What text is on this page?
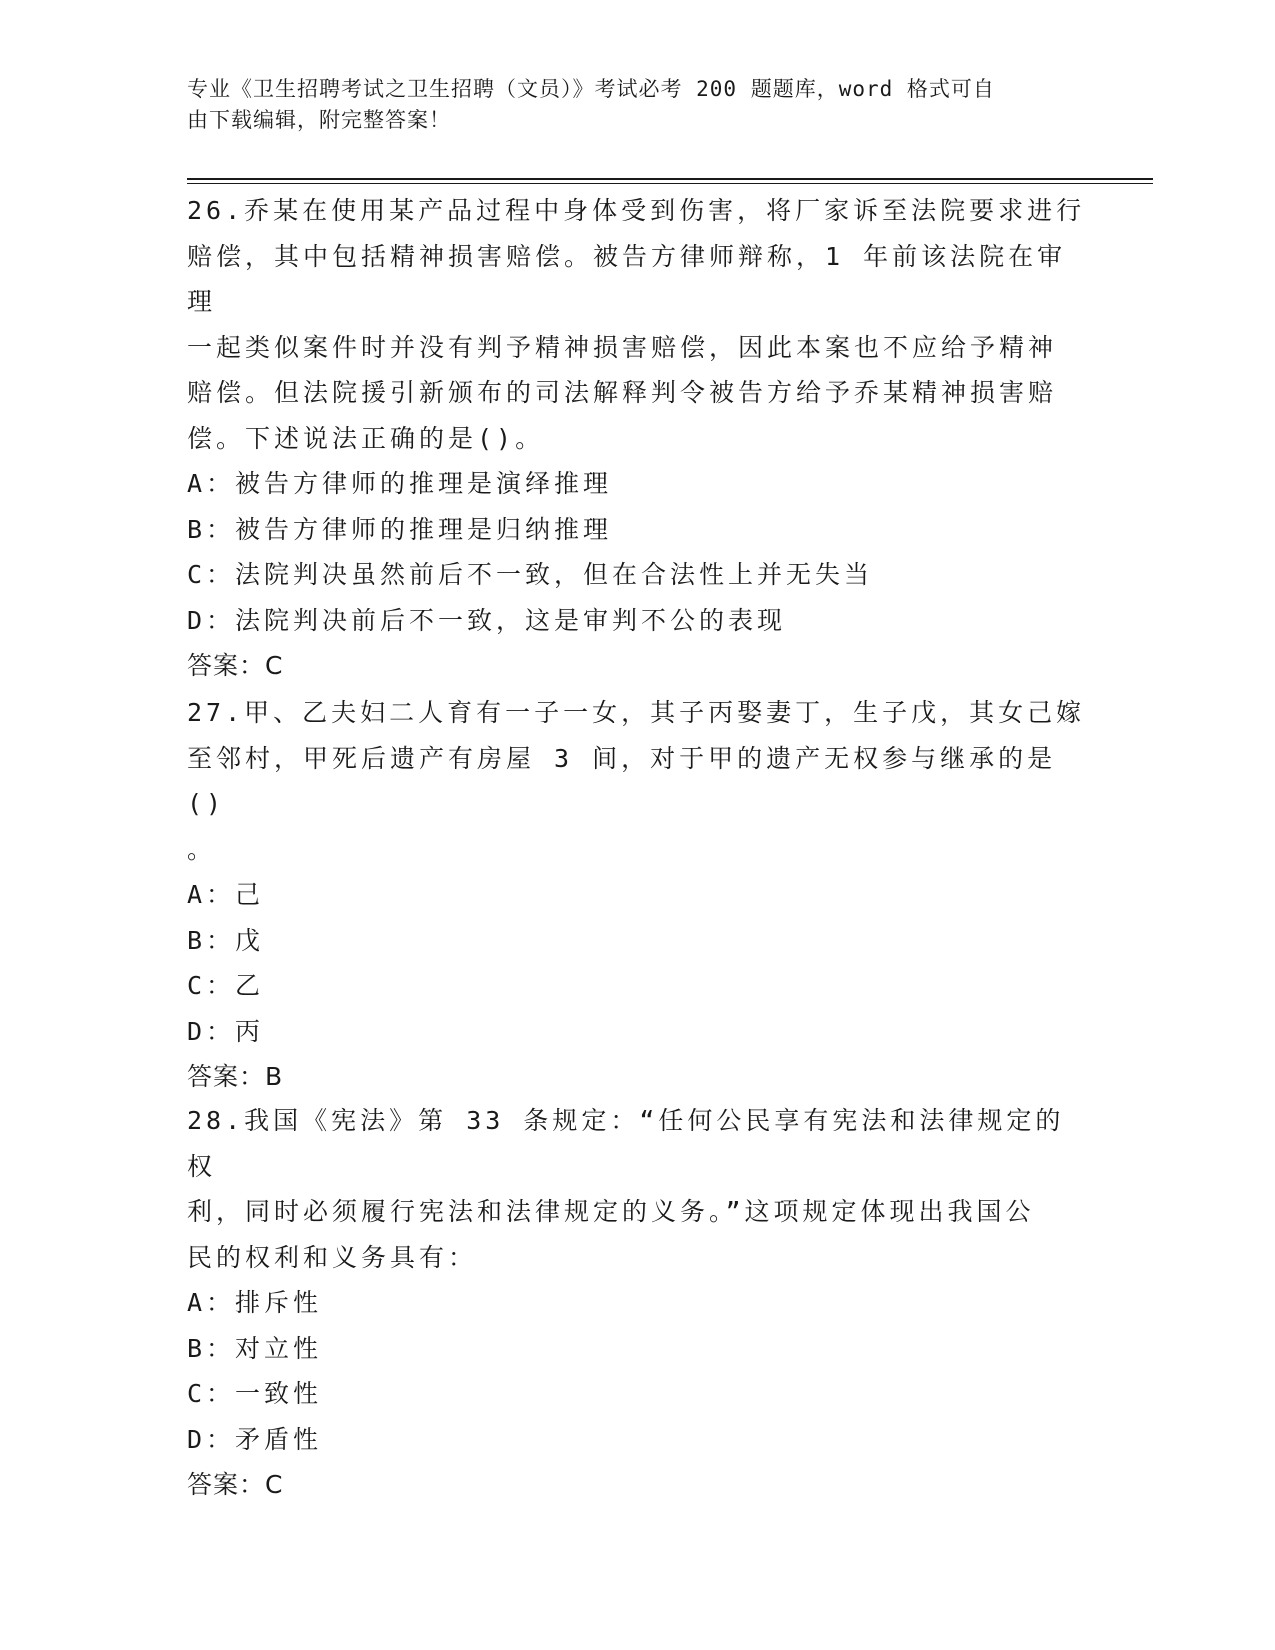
专业《卫生招聘考试之卫生招聘（文员）》考试必考 200 题题库，word 格式可自
由下载编辑，附完整答案！

26.乔某在使用某产品过程中身体受到伤害，将厂家诉至法院要求进行

赔偿，其中包括精神损害赔偿。被告方律师辩称，1 年前该法院在审理

一起类似案件时并没有判予精神损害赔偿，因此本案也不应给予精神

赔偿。但法院援引新颁布的司法解释判令被告方给予乔某精神损害赔

偿。下述说法正确的是()。

A：被告方律师的推理是演绎推理

B：被告方律师的推理是归纳推理

C：法院判决虽然前后不一致，但在合法性上并无失当

D：法院判决前后不一致，这是审判不公的表现

答案：C

27.甲、乙夫妇二人育有一子一女，其子丙娶妻丁，生子戊，其女己嫁

至邻村，甲死后遗产有房屋 3 间，对于甲的遗产无权参与继承的是()

。

A：己

B：戊

C：乙

D：丙

答案：B

28.我国《宪法》第 33 条规定：“任何公民享有宪法和法律规定的权

利，同时必须履行宪法和法律规定的义务。”这项规定体现出我国公

民的权利和义务具有：

A：排斥性

B：对立性

C：一致性

D：矛盾性

答案：C
